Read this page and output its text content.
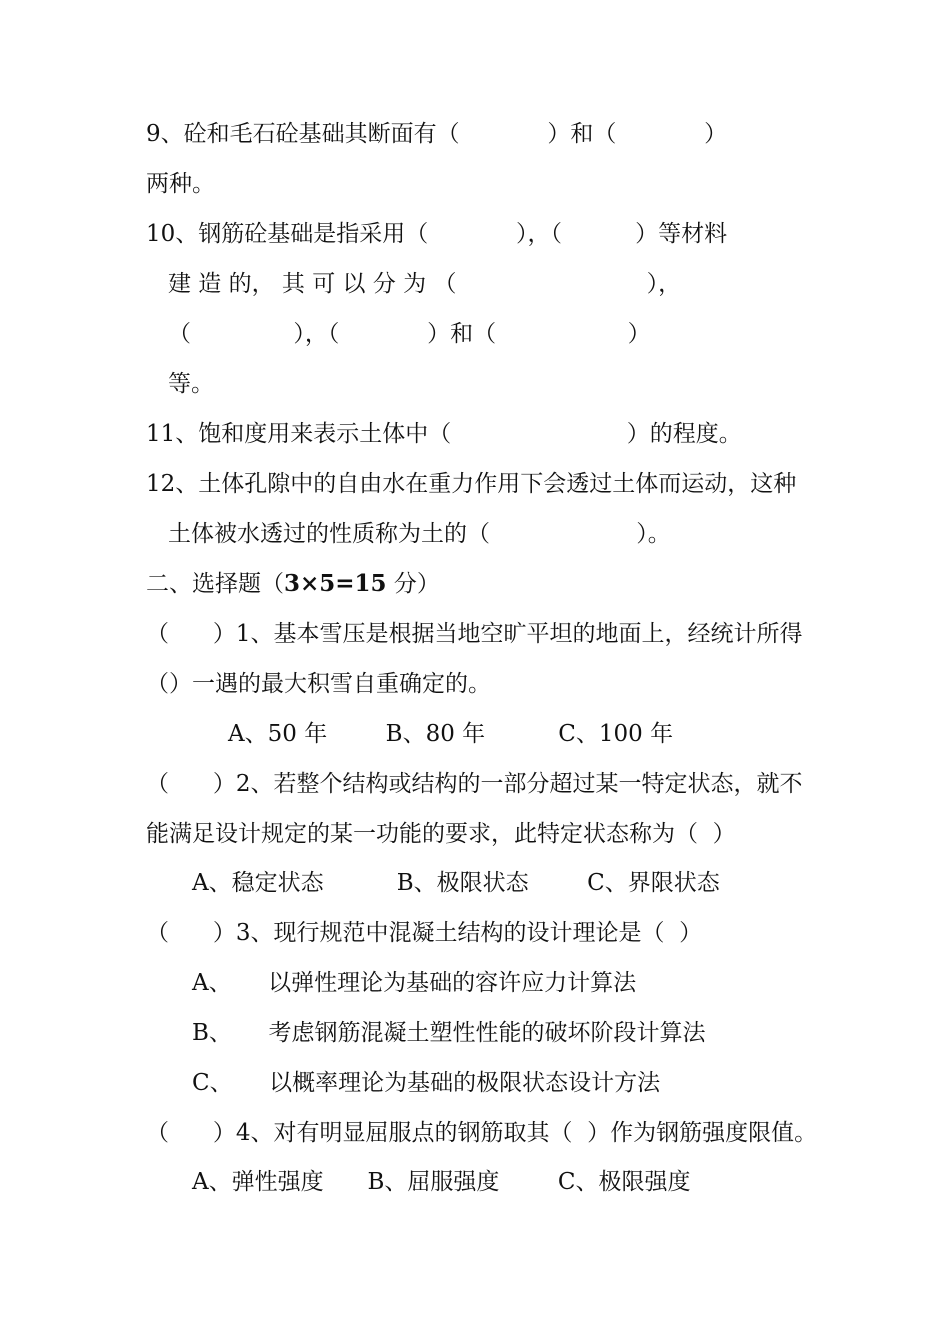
9、砼和毛石砼基础其断面有（            ）和（            ）
两种。
10、钢筋砼基础是指采用（            ），（          ）等材料
建 造 的， 其 可 以 分 为 （                          ），
（              ），（            ）和（                  ）
等。
11、饱和度用来表示土体中（                        ）的程度。
12、土体孔隙中的自由水在重力作用下会透过土体而运动，这种
土体被水透过的性质称为土的（                    ）。
二、选择题（3×5=15 分）
（      ）1、基本雪压是根据当地空旷平坦的地面上，经统计所得
（）一遇的最大积雪自重确定的。
A、50 年        B、80 年          C、100 年
（      ）2、若整个结构或结构的一部分超过某一特定状态，就不
能满足设计规定的某一功能的要求，此特定状态称为（  ）
A、稳定状态          B、极限状态        C、界限状态
（      ）3、现行规范中混凝土结构的设计理论是（  ）
A、     以弹性理论为基础的容许应力计算法
B、     考虑钢筋混凝土塑性性能的破坏阶段计算法
C、     以概率理论为基础的极限状态设计方法
（      ）4、对有明显屈服点的钢筋取其（  ）作为钢筋强度限值。
A、弹性强度      B、屈服强度        C、极限强度
